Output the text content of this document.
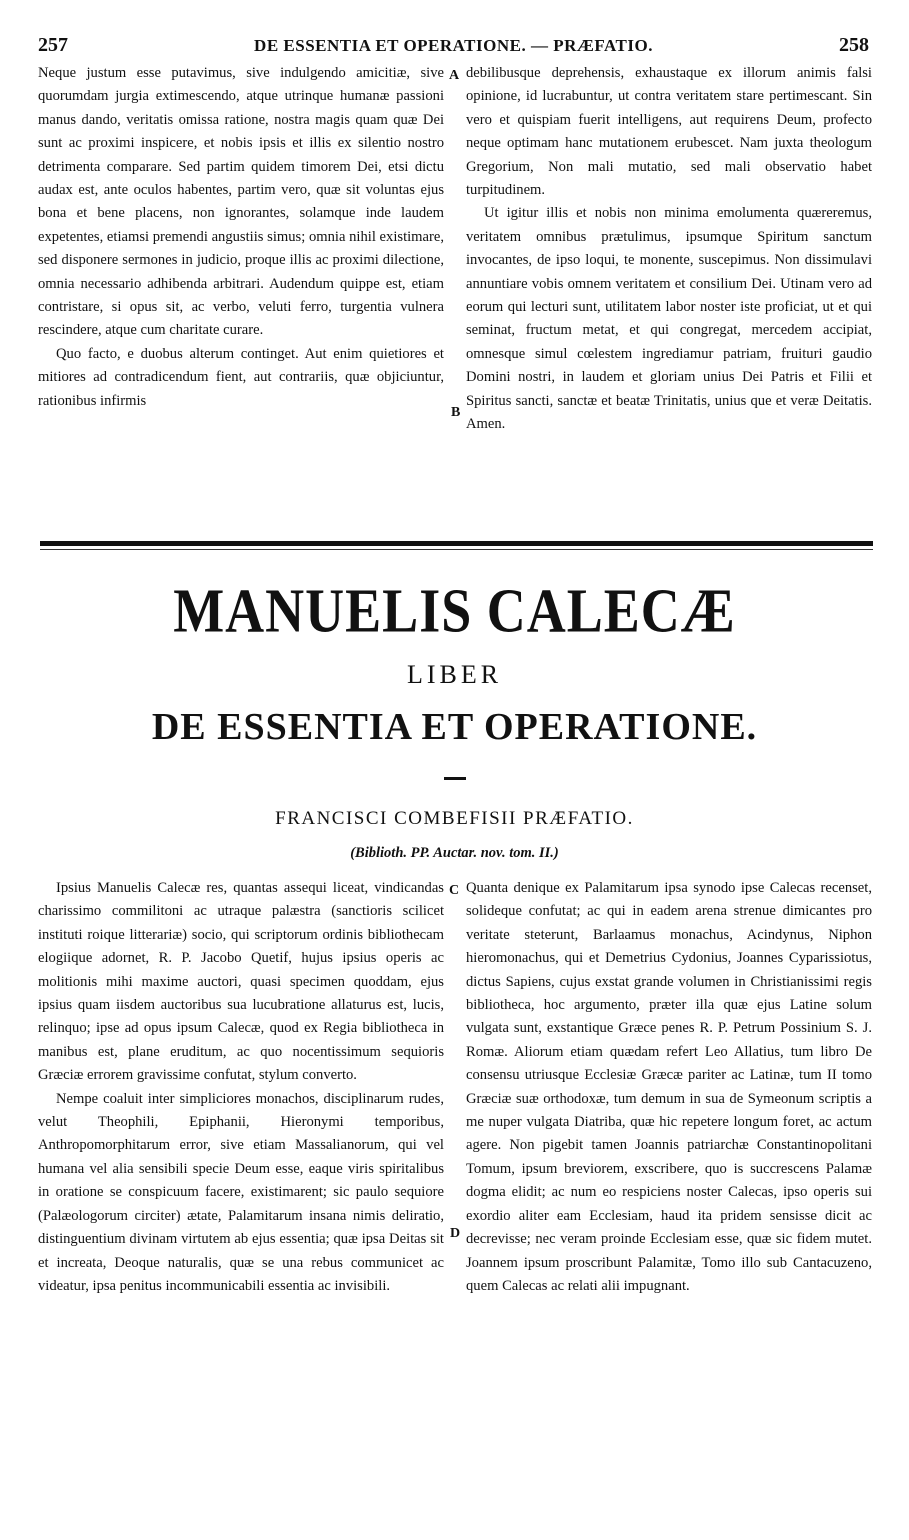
257	DE ESSENTIA ET OPERATIONE. — PRÆFATIO.	258

Neque justum esse putavimus, sive indulgendo amicitiæ, sive quorumdam jurgia extimescendo, atque utrinque humanæ passioni manus dando, veritatis omissa ratione, nostra magis quam quæ Dei sunt ac proximi inspicere, et nobis ipsis et illis ex silentio nostro detrimenta comparare. Sed partim quidem timorem Dei, etsi dictu audax est, ante oculos habentes, partim vero, quæ sit voluntas ejus bona et bene placens, non ignorantes, solamque inde laudem expetentes, etiamsi premendi angustiis simus; omnia nihil existimare, sed disponere sermones in judicio, proque illis ac proximi dilectione, omnia necessario adhibenda arbitrari. Audendum quippe est, etiam contristare, si opus sit, ac verbo, veluti ferro, turgentia vulnera rescindere, atque cum charitate curare.

Quo facto, e duobus alterum continget. Aut enim quietiores et mitiores ad contradicendum fient, aut contrariis, quæ objiciuntur, rationibus infirmis

A
B

debilibusque deprehensis, exhaustaque ex illorum animis falsi opinione, id lucrabuntur, ut contra veritatem stare pertimescant. Sin vero et quispiam fuerit intelligens, aut requirens Deum, profecto neque optimam hanc mutationem erubescet. Nam juxta theologum Gregorium, Non mali mutatio, sed mali observatio habet turpitudinem.

Ut igitur illis et nobis non minima emolumenta quæreremus, veritatem omnibus prætulimus, ipsumque Spiritum sanctum invocantes, de ipso loqui, te monente, suscepimus. Non dissimulavi annuntiare vobis omnem veritatem et consilium Dei. Utinam vero ad eorum qui lecturi sunt, utilitatem labor noster iste proficiat, ut et qui seminat, fructum metat, et qui congregat, mercedem accipiat, omnesque simul cœlestem ingrediamur patriam, fruituri gaudio Domini nostri, in laudem et gloriam unius Dei Patris et Filii et Spiritus sancti, sanctæ et beatæ Trinitatis, unius que et veræ Deitatis. Amen.

MANUELIS CALECÆ
LIBER
DE ESSENTIA ET OPERATIONE.
FRANCISCI COMBEFISII PRÆFATIO.
(Biblioth. PP. Auctar. nov. tom. II.)

Ipsius Manuelis Calecæ res, quantas assequi liceat, vindicandas charissimo commilitoni ac utraque palæstra (sanctioris scilicet instituti roique litterariæ) socio, qui scriptorum ordinis bibliothecam elogiique adornet, R. P. Jacobo Quetif, hujus ipsius operis ac molitionis mihi maxime auctori, quasi specimen quoddam, ejus ipsius quam iisdem auctoribus sua lucubratione allaturus est, lucis, relinquo; ipse ad opus ipsum Calecæ, quod ex Regia bibliotheca in manibus est, plane eruditum, ac quo nocentissimum sequioris Græciæ errorem gravissime confutat, stylum converto.

Nempe coaluit inter simpliciores monachos, disciplinarum rudes, velut Theophili, Epiphanii, Hieronymi temporibus, Anthropomorphitarum error, sive etiam Massalianorum, qui vel humana vel alia sensibili specie Deum esse, eaque viris spiritalibus in oratione se conspicuum facere, existimarent; sic paulo sequiore (Palæologorum circiter) ætate, Palamitarum insana nimis deliratio, distinguentium divinam virtutem ab ejus essentia; quæ ipsa Deitas sit et increata, Deoque naturalis, quæ se una rebus communicet ac videatur, ipsa penitus incommunicabili essentia ac invisibili.

C
D

Quanta denique ex Palamitarum ipsa synodo ipse Calecas recenset, solideque confutat; ac qui in eadem arena strenue dimicantes pro veritate steterunt, Barlaamus monachus, Acindynus, Niphon hieromonachus, qui et Demetrius Cydonius, Joannes Cyparissiotus, dictus Sapiens, cujus exstat grande volumen in Christianissimi regis bibliotheca, hoc argumento, præter illa quæ ejus Latine solum vulgata sunt, exstantique Græce penes R. P. Petrum Possinium S. J. Romæ. Aliorum etiam quædam refert Leo Allatius, tum libro De consensu utriusque Ecclesiæ Græcæ pariter ac Latinæ, tum II tomo Græciæ suæ orthodoxæ, tum demum in sua de Symeonum scriptis a me nuper vulgata Diatriba, quæ hic repetere longum foret, ac actum agere. Non pigebit tamen Joannis patriarchæ Constantinopolitani Tomum, ipsum breviorem, exscribere, quo is succrescens Palamæ dogma elidit; ac num eo respiciens noster Calecas, ipso operis sui exordio aliter eam Ecclesiam, haud ita pridem sensisse dicit ac decrevisse; nec veram proinde Ecclesiam esse, quæ sic fidem mutet. Joannem ipsum proscribunt Palamitæ, Tomo illo sub Cantacuzeno, quem Calecas ac relati alii impugnant.
